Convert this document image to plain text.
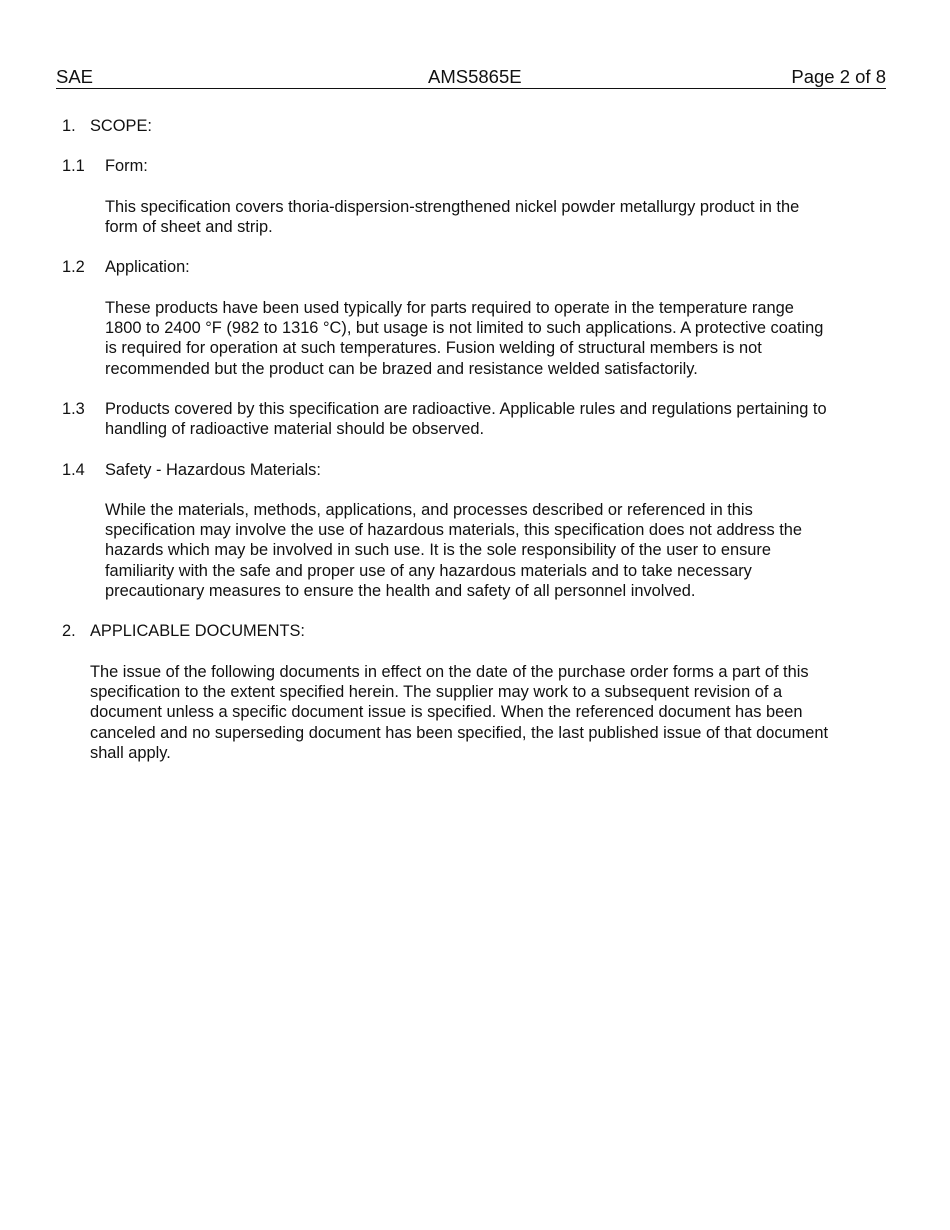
SAE	AMS5865E	Page 2 of 8
1. SCOPE:
1.1 Form:
This specification covers thoria-dispersion-strengthened nickel powder metallurgy product in the
form of sheet and strip.
1.2 Application:
These products have been used typically for parts required to operate in the temperature range
1800 to 2400 °F (982 to 1316 °C), but usage is not limited to such applications. A protective coating
is required for operation at such temperatures. Fusion welding of structural members is not
recommended but the product can be brazed and resistance welded satisfactorily.
1.3 Products covered by this specification are radioactive. Applicable rules and regulations pertaining to
handling of radioactive material should be observed.
1.4 Safety - Hazardous Materials:
While the materials, methods, applications, and processes described or referenced in this
specification may involve the use of hazardous materials, this specification does not address the
hazards which may be involved in such use. It is the sole responsibility of the user to ensure
familiarity with the safe and proper use of any hazardous materials and to take necessary
precautionary measures to ensure the health and safety of all personnel involved.
2. APPLICABLE DOCUMENTS:
The issue of the following documents in effect on the date of the purchase order forms a part of this
specification to the extent specified herein. The supplier may work to a subsequent revision of a
document unless a specific document issue is specified. When the referenced document has been
canceled and no superseding document has been specified, the last published issue of that document
shall apply.
